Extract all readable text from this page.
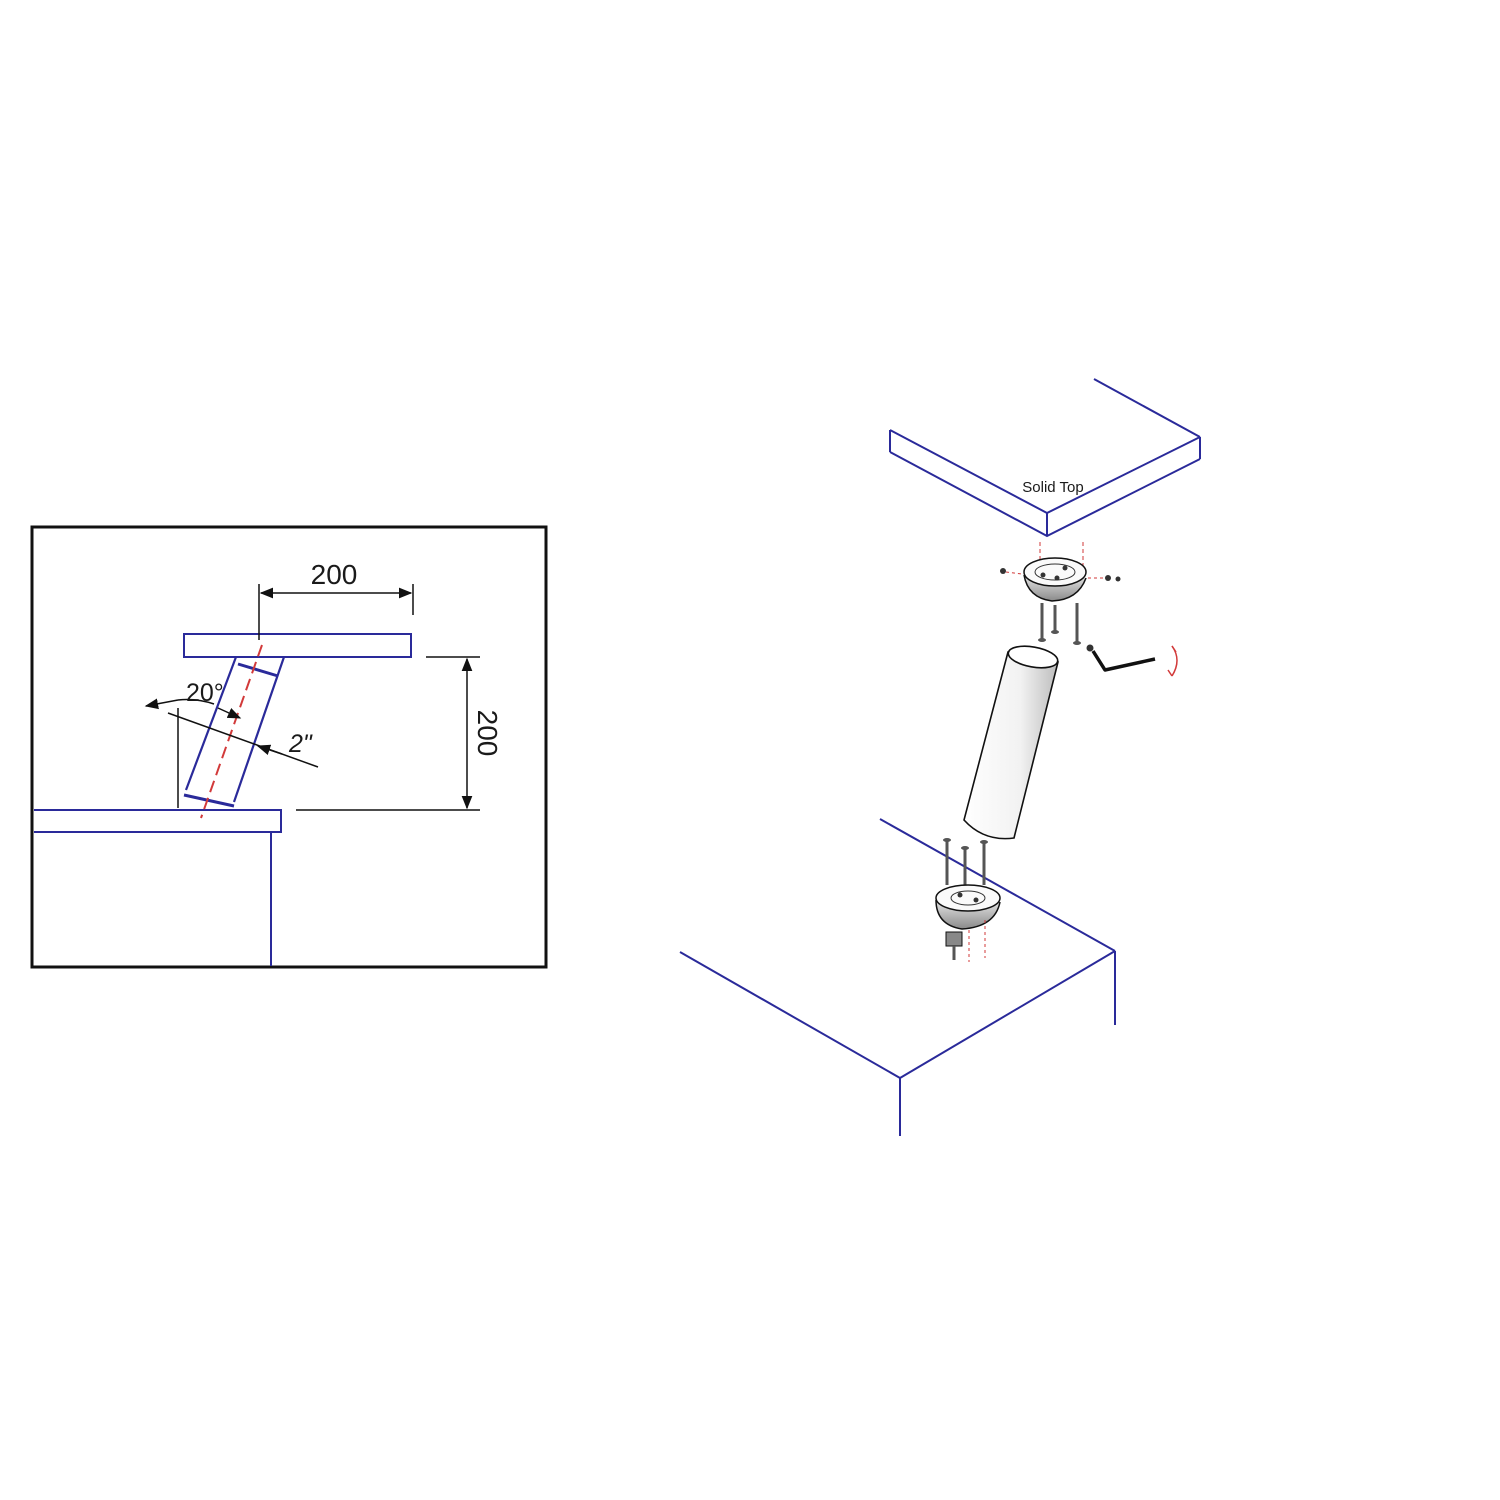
200
200
20°
2"
Solid Top
